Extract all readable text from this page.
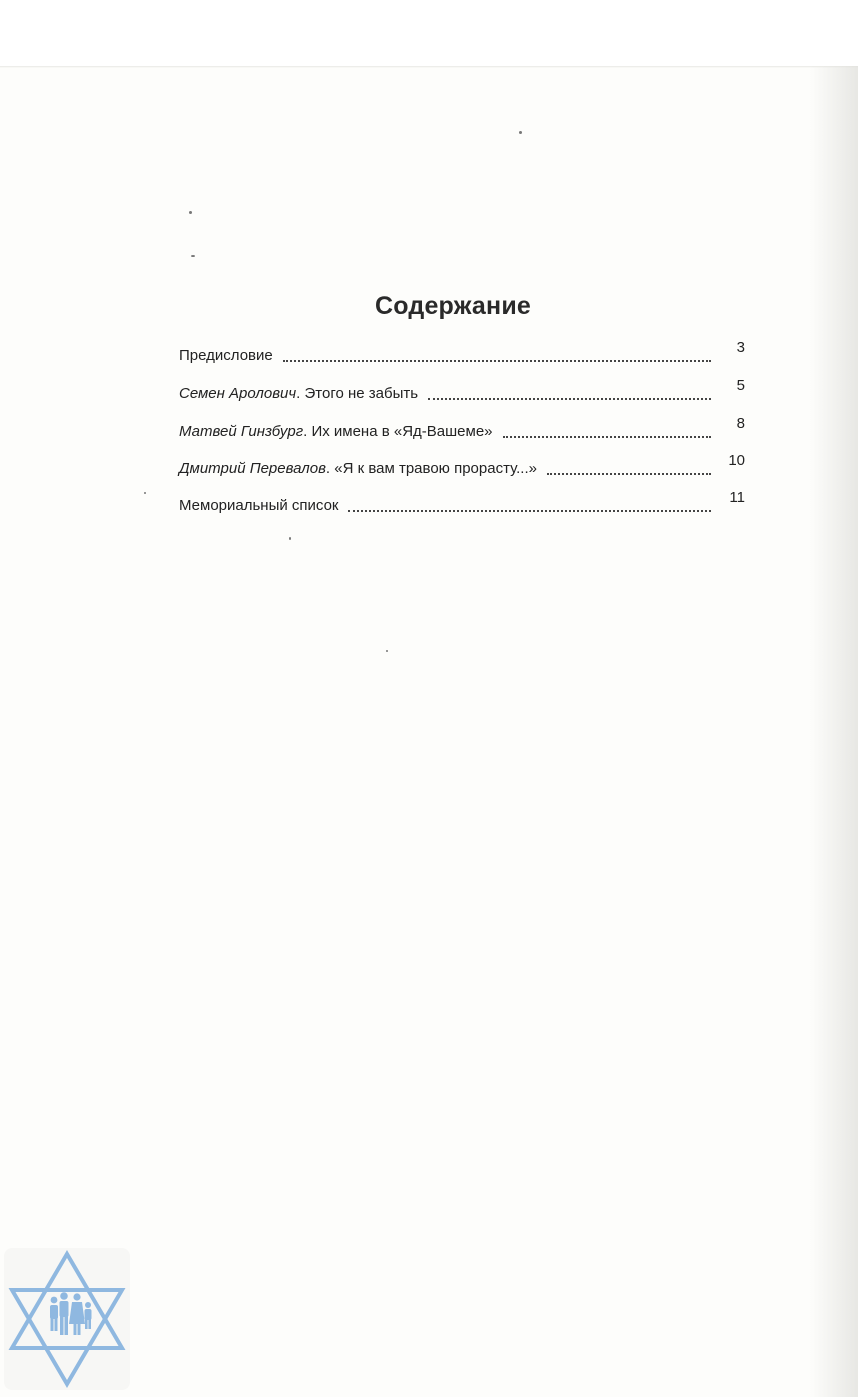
Содержание
Предисловие	3
Семен Аролович. Этого не забыть	5
Матвей Гинзбург. Их имена в «Яд-Вашеме»	8
Дмитрий Перевалов. «Я к вам травою прорасту...»	10
Мемориальный список	11
